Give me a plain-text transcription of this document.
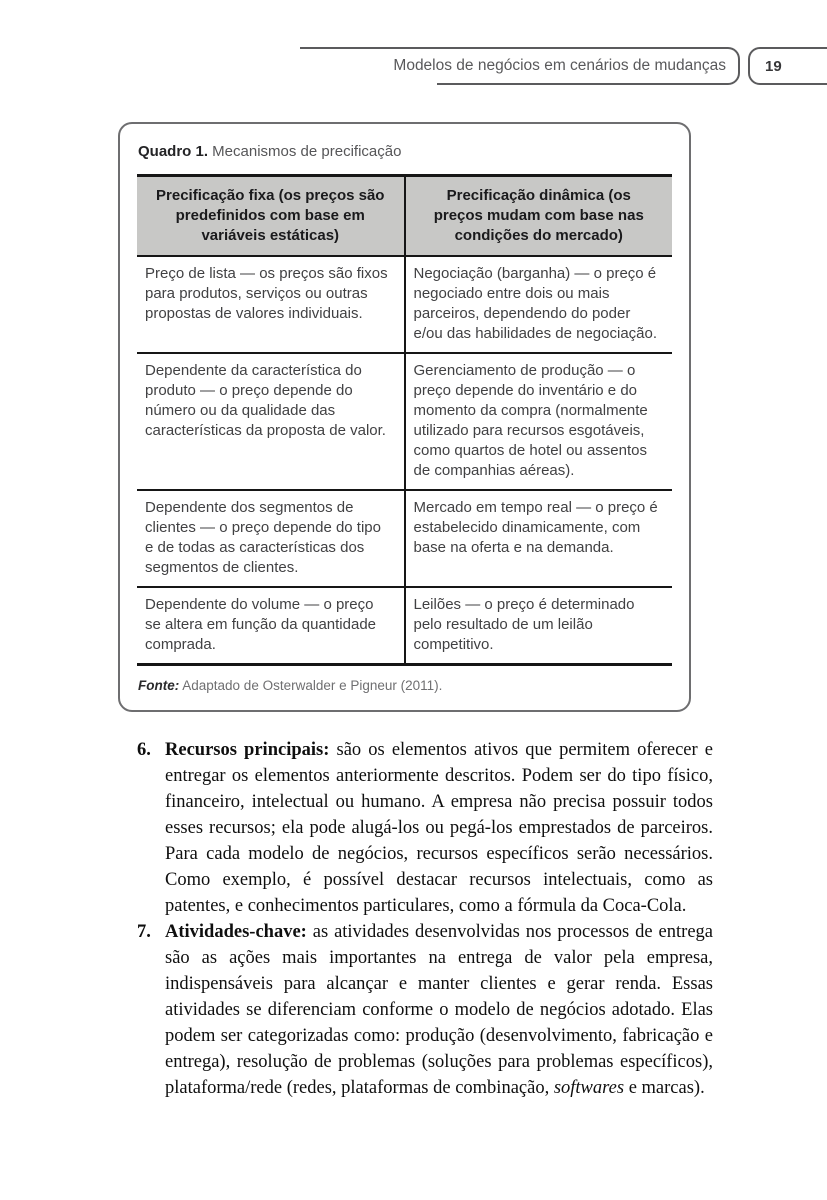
Modelos de negócios em cenários de mudanças	19

Quadro 1. Mecanismos de precificação

Precificação fixa (os preços são predefinidos com base em variáveis estáticas)	Precificação dinâmica (os preços mudam com base nas condições do mercado)
Preço de lista — os preços são fixos para produtos, serviços ou outras propostas de valores individuais.	Negociação (barganha) — o preço é negociado entre dois ou mais parceiros, dependendo do poder e/ou das habilidades de negociação.
Dependente da característica do produto — o preço depende do número ou da qualidade das características da proposta de valor.	Gerenciamento de produção — o preço depende do inventário e do momento da compra (normalmente utilizado para recursos esgotáveis, como quartos de hotel ou assentos de companhias aéreas).
Dependente dos segmentos de clientes — o preço depende do tipo e de todas as características dos segmentos de clientes.	Mercado em tempo real — o preço é estabelecido dinamicamente, com base na oferta e na demanda.
Dependente do volume — o preço se altera em função da quantidade comprada.	Leilões — o preço é determinado pelo resultado de um leilão competitivo.

Fonte: Adaptado de Osterwalder e Pigneur (2011).

6. Recursos principais: são os elementos ativos que permitem oferecer e entregar os elementos anteriormente descritos. Podem ser do tipo físico, financeiro, intelectual ou humano. A empresa não precisa possuir todos esses recursos; ela pode alugá-los ou pegá-los emprestados de parceiros. Para cada modelo de negócios, recursos específicos serão necessários. Como exemplo, é possível destacar recursos intelectuais, como as patentes, e conhecimentos particulares, como a fórmula da Coca-Cola.

7. Atividades-chave: as atividades desenvolvidas nos processos de entrega são as ações mais importantes na entrega de valor pela empresa, indispensáveis para alcançar e manter clientes e gerar renda. Essas atividades se diferenciam conforme o modelo de negócios adotado. Elas podem ser categorizadas como: produção (desenvolvimento, fabricação e entrega), resolução de problemas (soluções para problemas específicos), plataforma/rede (redes, plataformas de combinação, softwares e marcas).
